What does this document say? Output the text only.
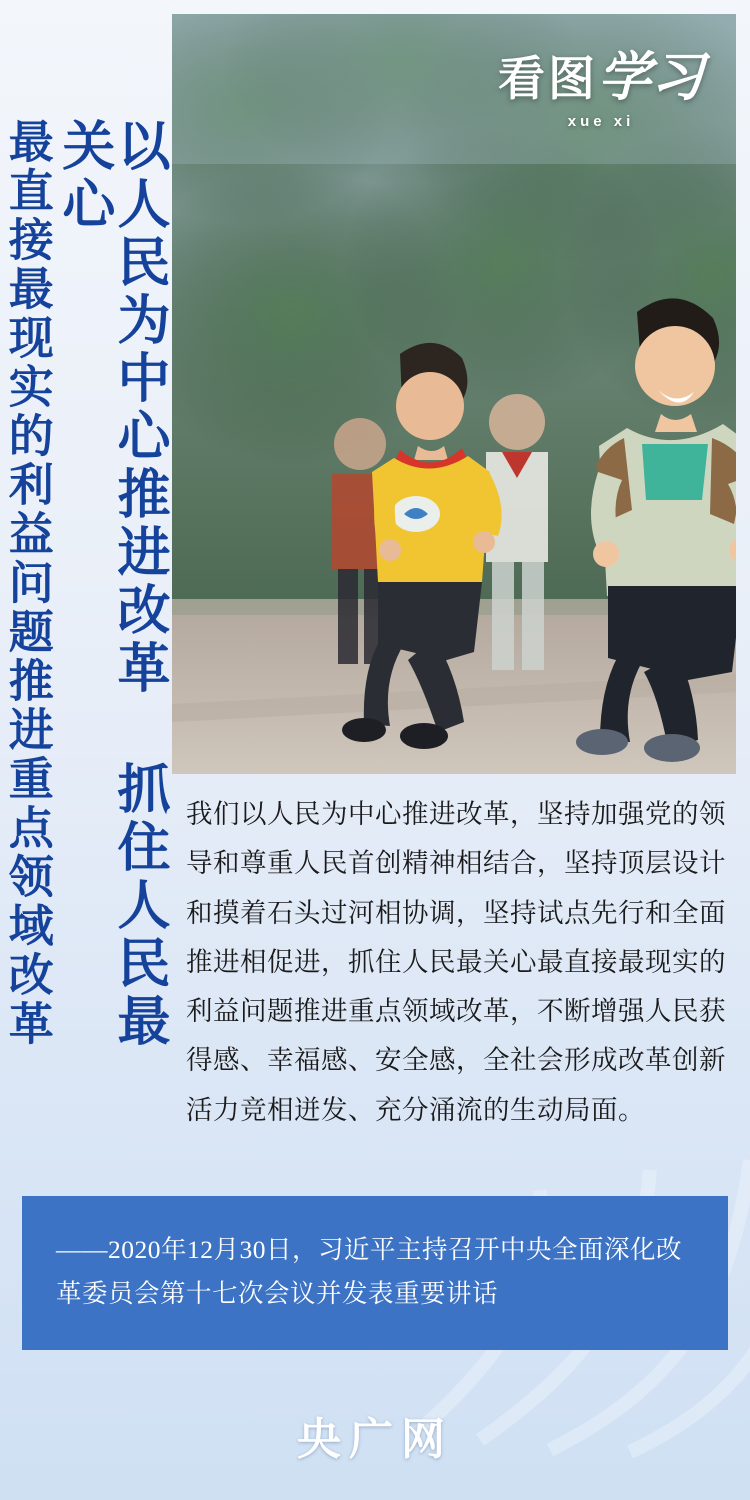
以人民为中心推进改革 抓住人民最关心
最直接最现实的利益问题推进重点领域改革
看图学习
xue xi
我们以人民为中心推进改革，坚持加强党的领导和尊重人民首创精神相结合，坚持顶层设计和摸着石头过河相协调，坚持试点先行和全面推进相促进，抓住人民最关心最直接最现实的利益问题推进重点领域改革，不断增强人民获得感、幸福感、安全感，全社会形成改革创新活力竞相迸发、充分涌流的生动局面。
——2020年12月30日，习近平主持召开中央全面深化改革委员会第十七次会议并发表重要讲话
央广网
